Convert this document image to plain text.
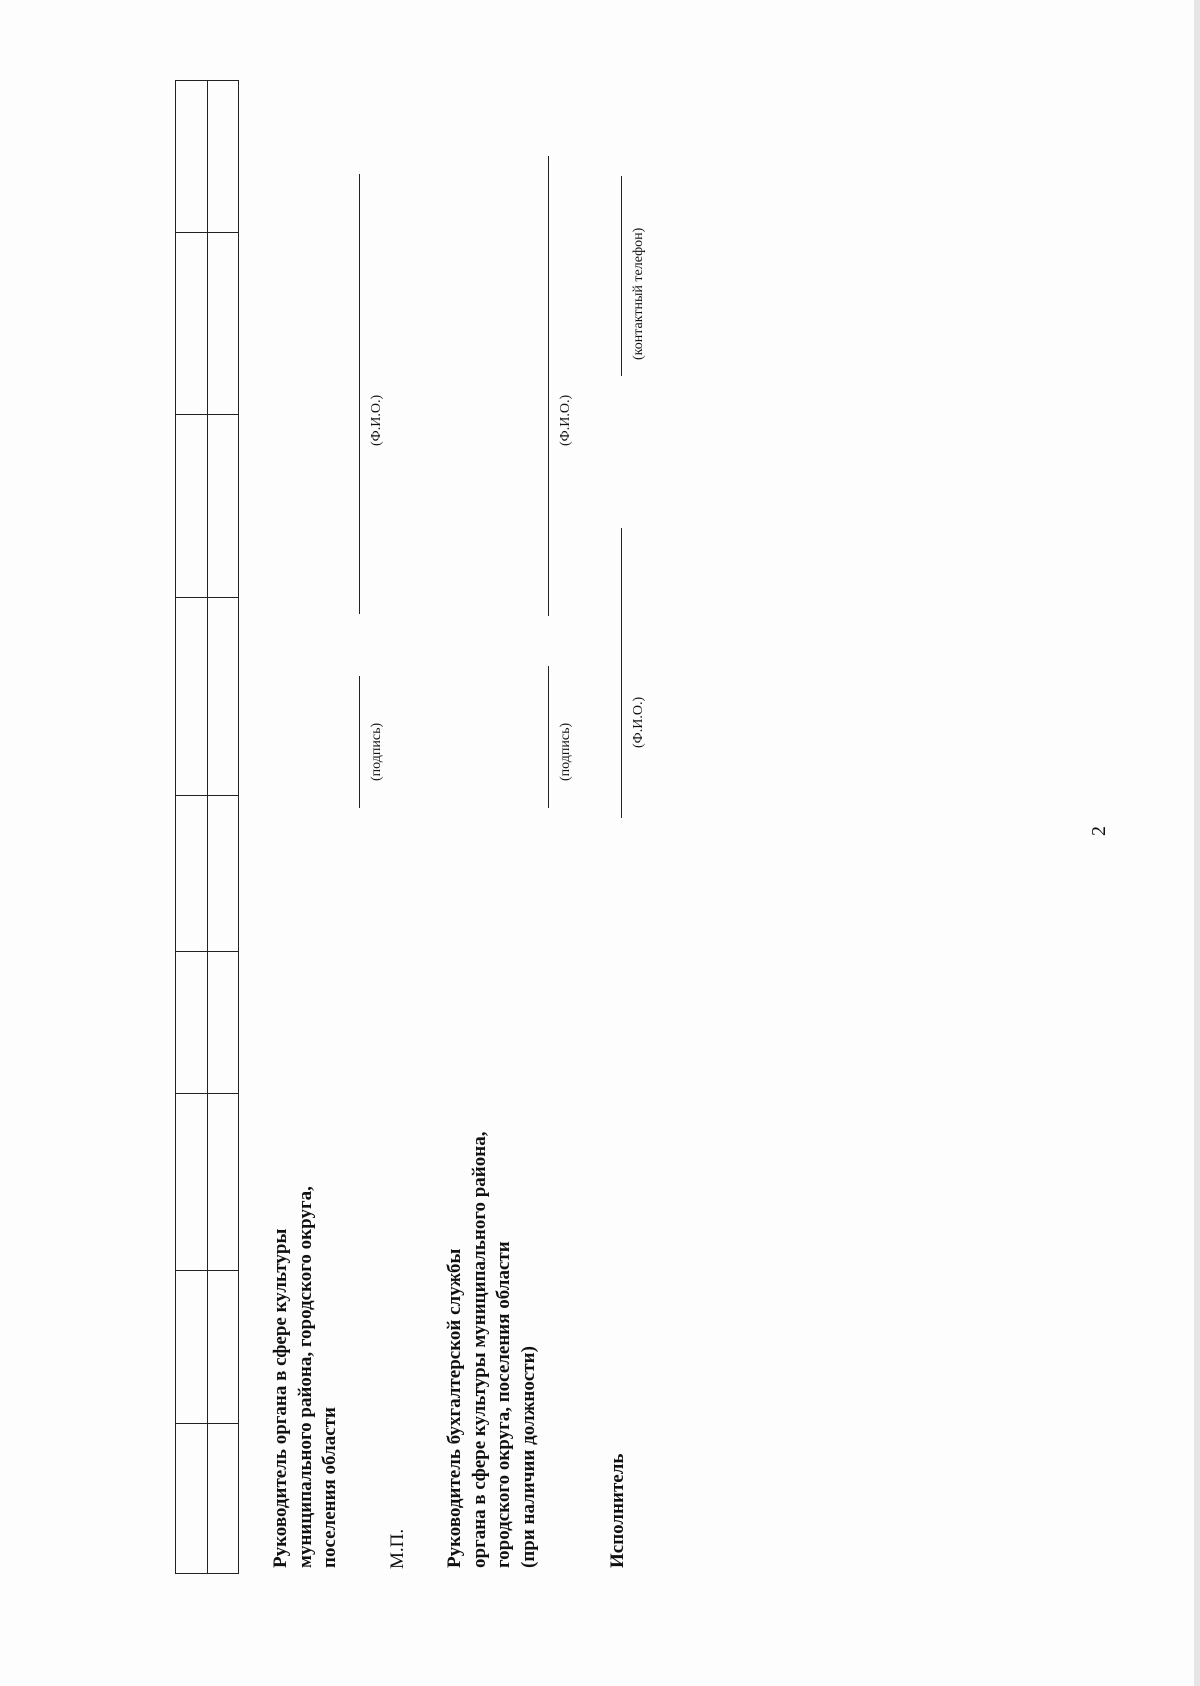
2

Руководитель органа в сфере культуры муниципального района, городского округа, поселения области
(подпись)
(Ф.И.О.)
М.П. Руководитель бухгалтерской службы органа в сфере культуры муниципального района, городского округа, поселения области (при наличии должности)
(подпись)
(Ф.И.О.)
Исполнитель
(Ф.И.О.)
(контактный телефон)
